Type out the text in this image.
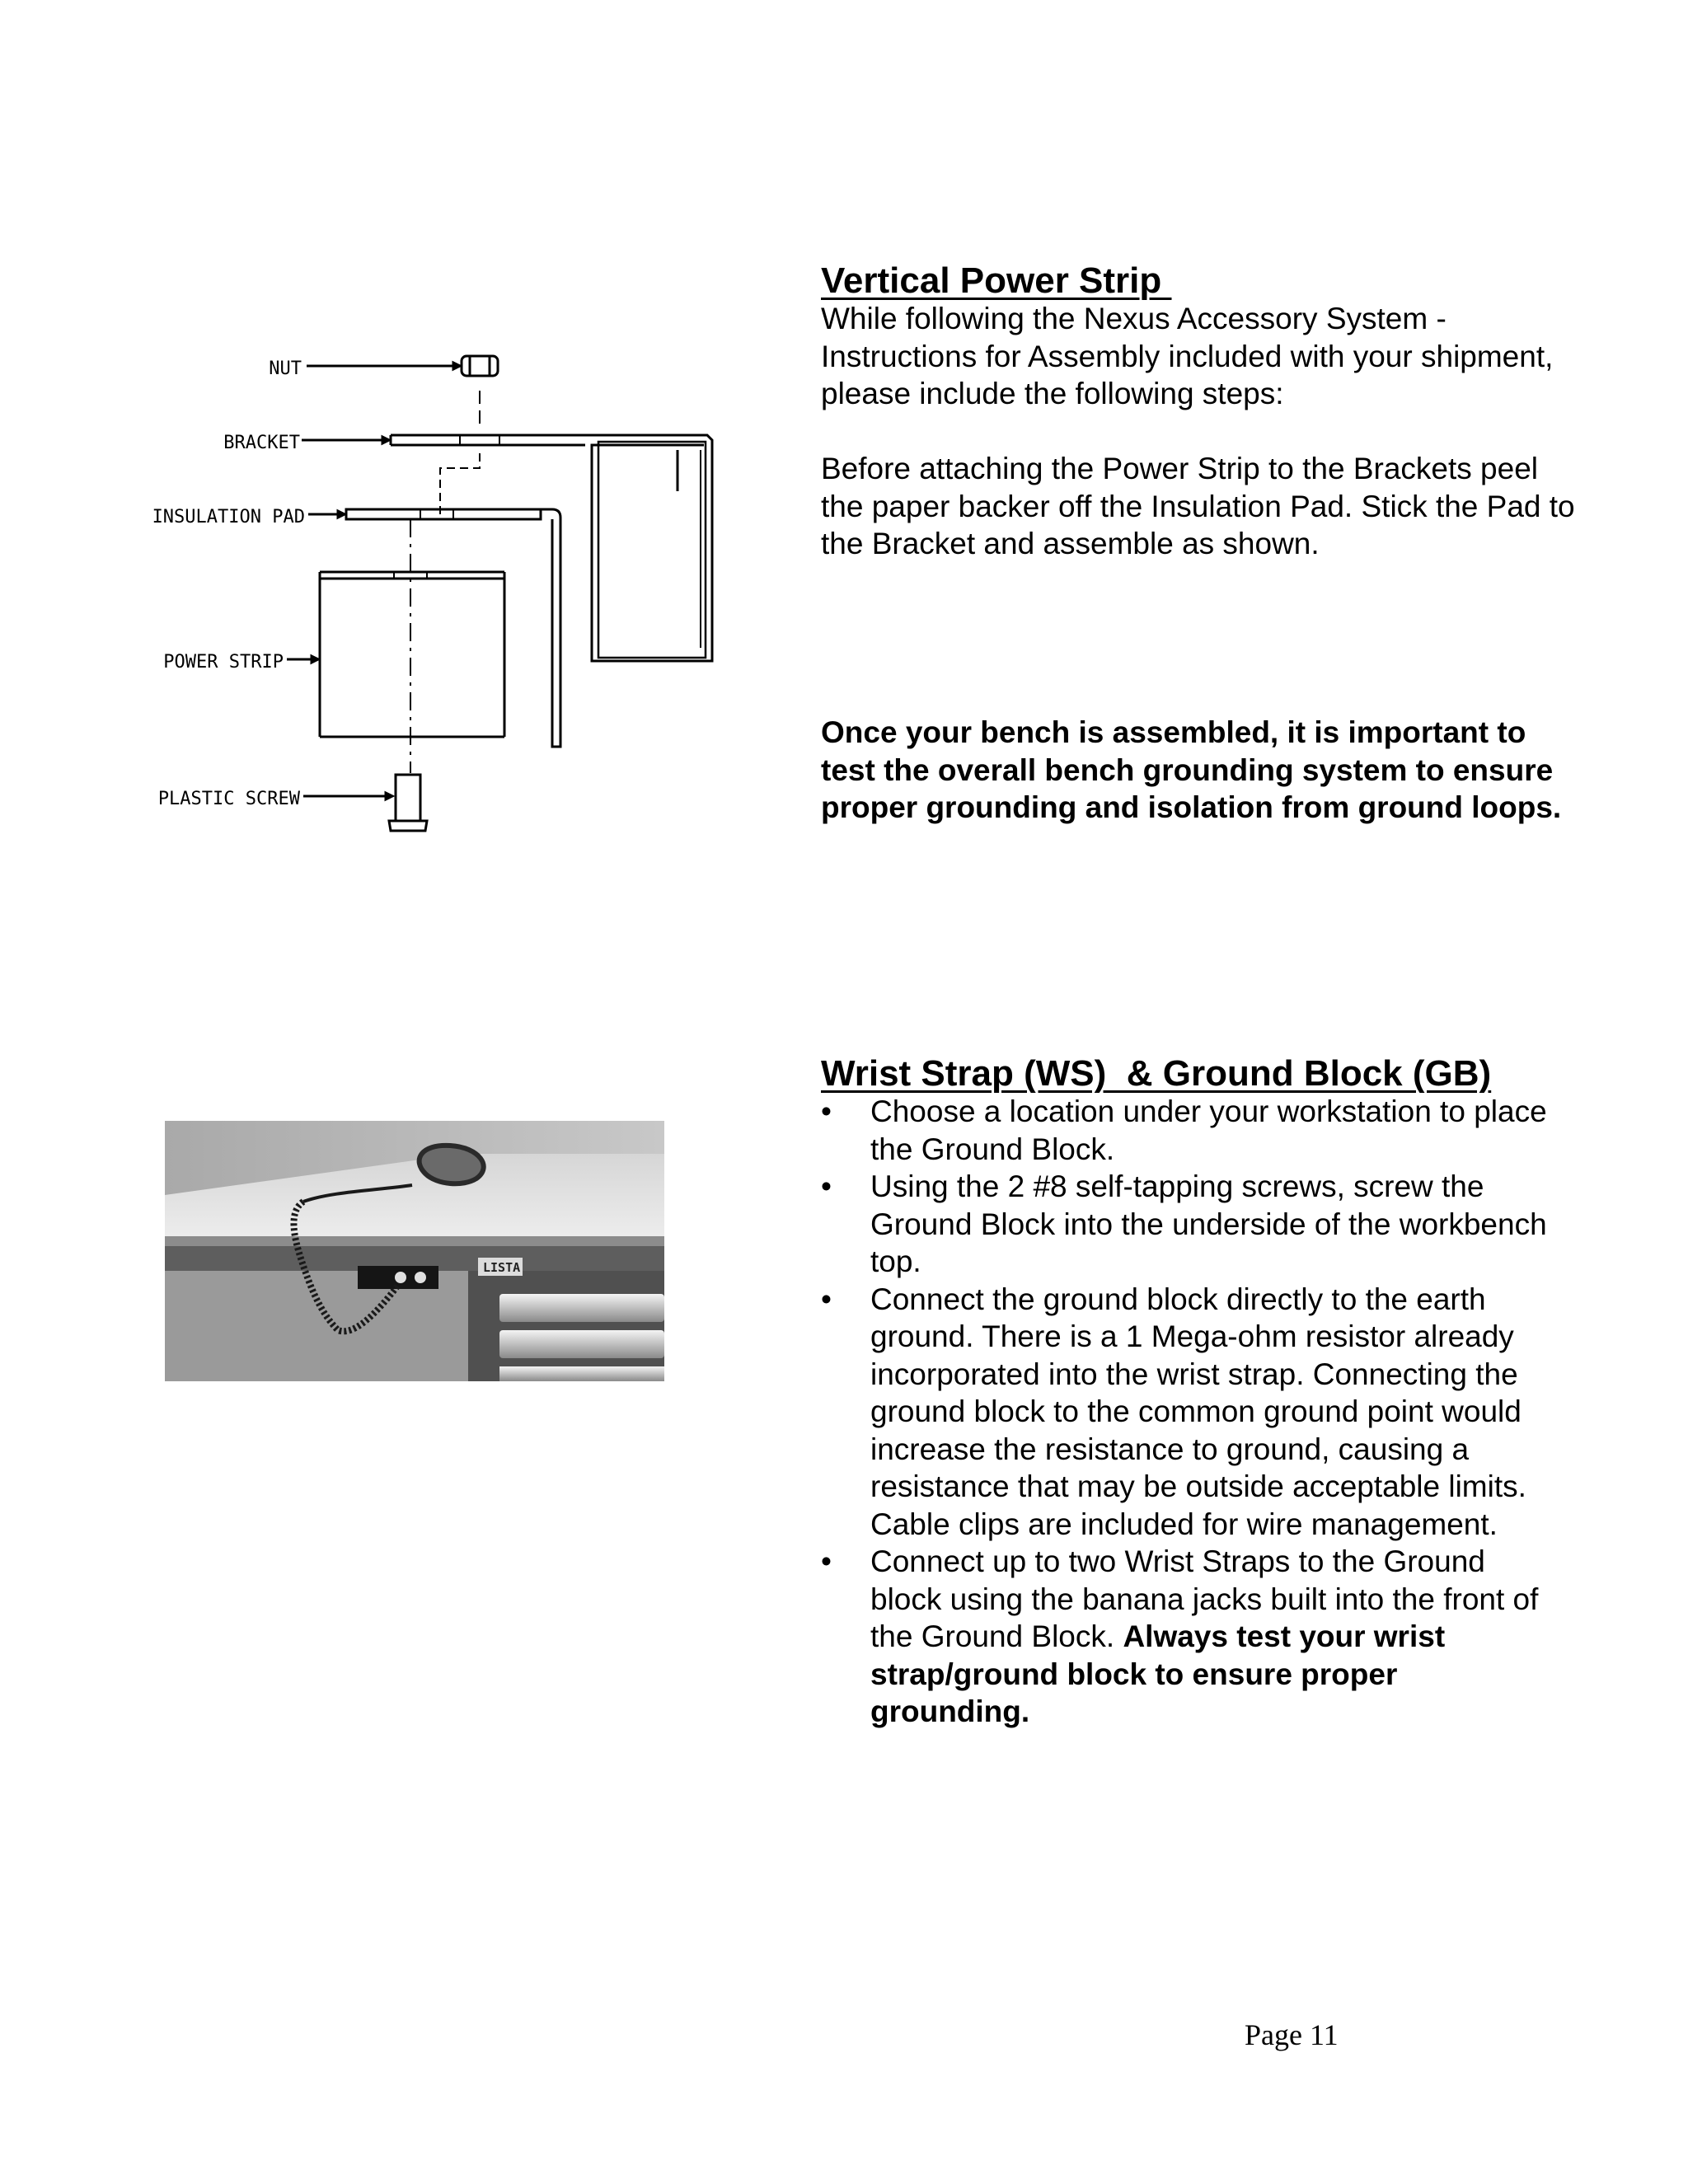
NUT
BRACKET
INSULATION PAD
POWER STRIP
PLASTIC SCREW
Vertical Power Strip

While following the Nexus Accessory System - Instructions for Assembly included with your shipment, please include the following steps:

Before attaching the Power Strip to the Brackets peel the paper backer off the Insulation Pad. Stick the Pad to the Bracket and assemble as shown.

Once your bench is assembled, it is important to test the overall bench grounding system to ensure proper grounding and isolation from ground loops.

LISTA
Wrist Strap (WS)  & Ground Block (GB)
• Choose a location under your workstation to place the Ground Block.
• Using the 2 #8 self-tapping screws, screw the Ground Block into the underside of the workbench top.
• Connect the ground block directly to the earth ground. There is a 1 Mega-ohm resistor already incorporated into the wrist strap. Connecting the ground block to the common ground point would increase the resistance to ground, causing a resistance that may be outside acceptable limits. Cable clips are included for wire management.
• Connect up to two Wrist Straps to the Ground block using the banana jacks built into the front of the Ground Block. Always test your wrist strap/ground block to ensure proper grounding.
Page 11
